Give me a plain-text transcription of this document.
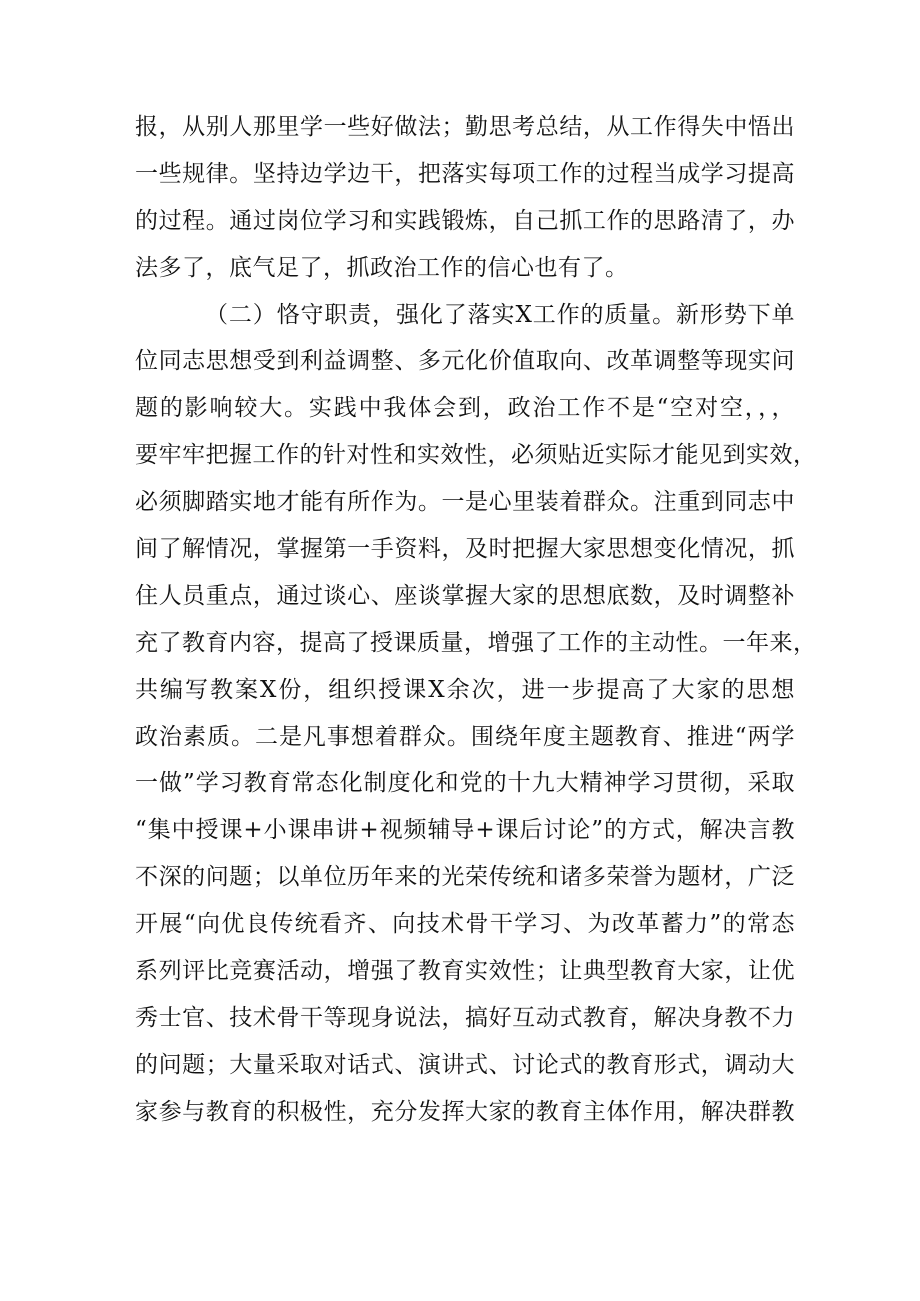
报，从别人那里学一些好做法；勤思考总结，从工作得失中悟出
一些规律。坚持边学边干，把落实每项工作的过程当成学习提高
的过程。通过岗位学习和实践锻炼，自己抓工作的思路清了，办
法多了，底气足了，抓政治工作的信心也有了。
（二）恪守职责，强化了落实X工作的质量。新形势下单
位同志思想受到利益调整、多元化价值取向、改革调整等现实问
题的影响较大。实践中我体会到，政治工作不是“空对空，，，
要牢牢把握工作的针对性和实效性，必须贴近实际才能见到实效，
必须脚踏实地才能有所作为。一是心里装着群众。注重到同志中
间了解情况，掌握第一手资料，及时把握大家思想变化情况，抓
住人员重点，通过谈心、座谈掌握大家的思想底数，及时调整补
充了教育内容，提高了授课质量，增强了工作的主动性。一年来，
共编写教案X份，组织授课X余次，进一步提高了大家的思想
政治素质。二是凡事想着群众。围绕年度主题教育、推进“两学
一做”学习教育常态化制度化和党的十九大精神学习贯彻，采取
“集中授课+小课串讲+视频辅导+课后讨论”的方式，解决言教
不深的问题；以单位历年来的光荣传统和诸多荣誉为题材，广泛
开展“向优良传统看齐、向技术骨干学习、为改革蓄力”的常态
系列评比竞赛活动，增强了教育实效性；让典型教育大家，让优
秀士官、技术骨干等现身说法，搞好互动式教育，解决身教不力
的问题；大量采取对话式、演讲式、讨论式的教育形式，调动大
家参与教育的积极性，充分发挥大家的教育主体作用，解决群教
